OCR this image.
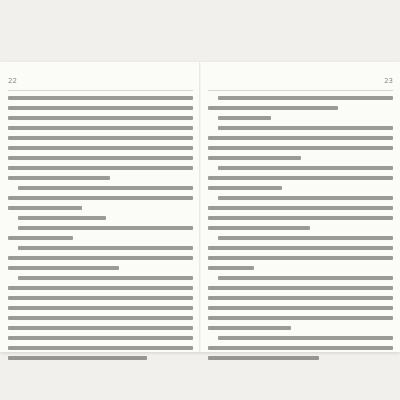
22	23
